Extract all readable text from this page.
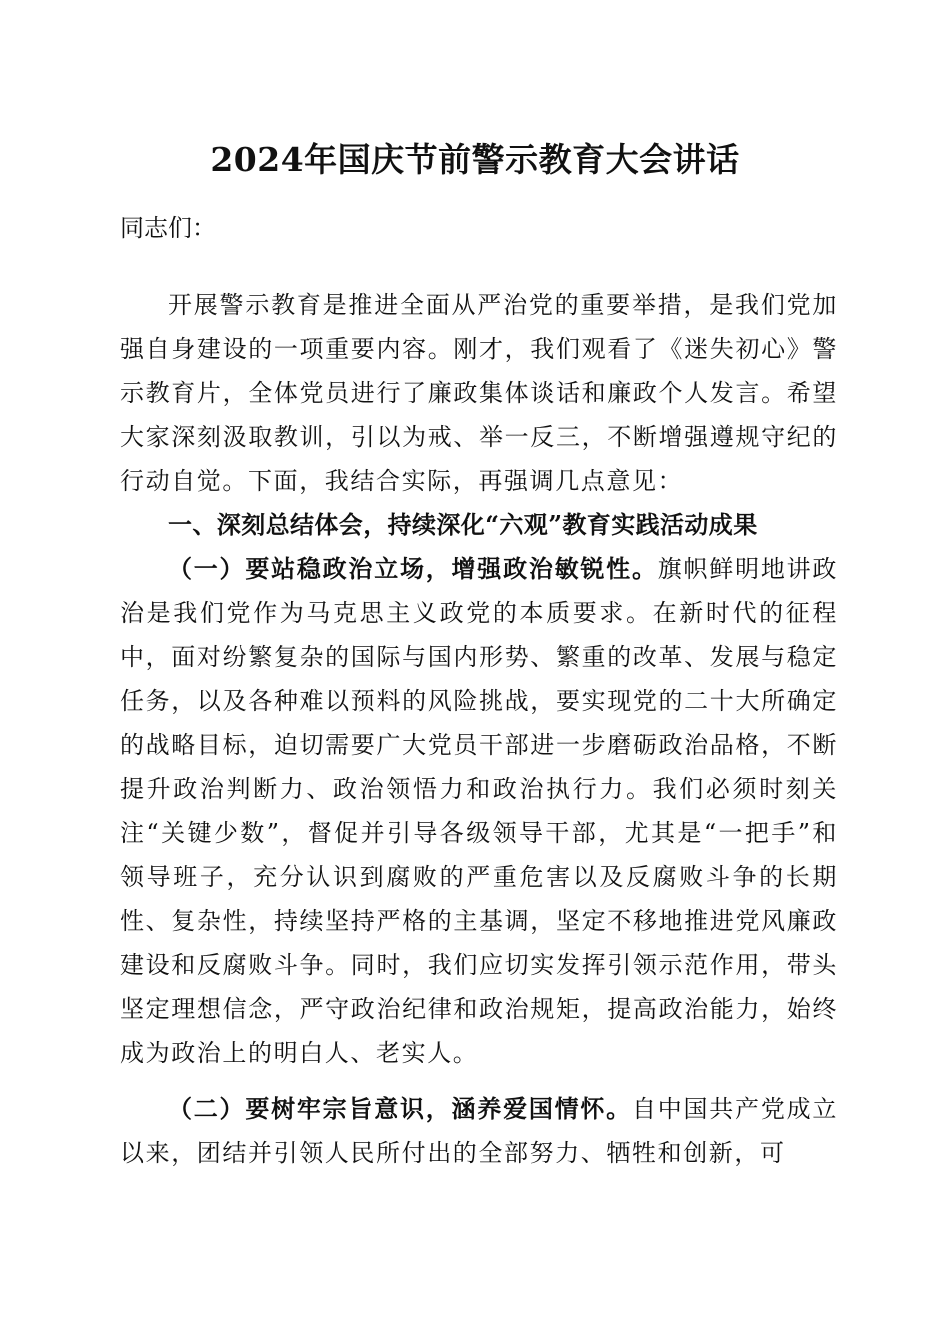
2024年国庆节前警示教育大会讲话

同志们：

开展警示教育是推进全面从严治党的重要举措，是我们党加强自身建设的一项重要内容。刚才，我们观看了《迷失初心》警示教育片，全体党员进行了廉政集体谈话和廉政个人发言。希望大家深刻汲取教训，引以为戒、举一反三，不断增强遵规守纪的行动自觉。下面，我结合实际，再强调几点意见：

一、深刻总结体会，持续深化“六观”教育实践活动成果

（一）要站稳政治立场，增强政治敏锐性。旗帜鲜明地讲政治是我们党作为马克思主义政党的本质要求。在新时代的征程中，面对纷繁复杂的国际与国内形势、繁重的改革、发展与稳定任务，以及各种难以预料的风险挑战，要实现党的二十大所确定的战略目标，迫切需要广大党员干部进一步磨砺政治品格，不断提升政治判断力、政治领悟力和政治执行力。我们必须时刻关注“关键少数”，督促并引导各级领导干部，尤其是“一把手”和领导班子，充分认识到腐败的严重危害以及反腐败斗争的长期性、复杂性，持续坚持严格的主基调，坚定不移地推进党风廉政建设和反腐败斗争。同时，我们应切实发挥引领示范作用，带头坚定理想信念，严守政治纪律和政治规矩，提高政治能力，始终成为政治上的明白人、老实人。

（二）要树牢宗旨意识，涵养爱国情怀。自中国共产党成立以来，团结并引领人民所付出的全部努力、牺牲和创新，可
